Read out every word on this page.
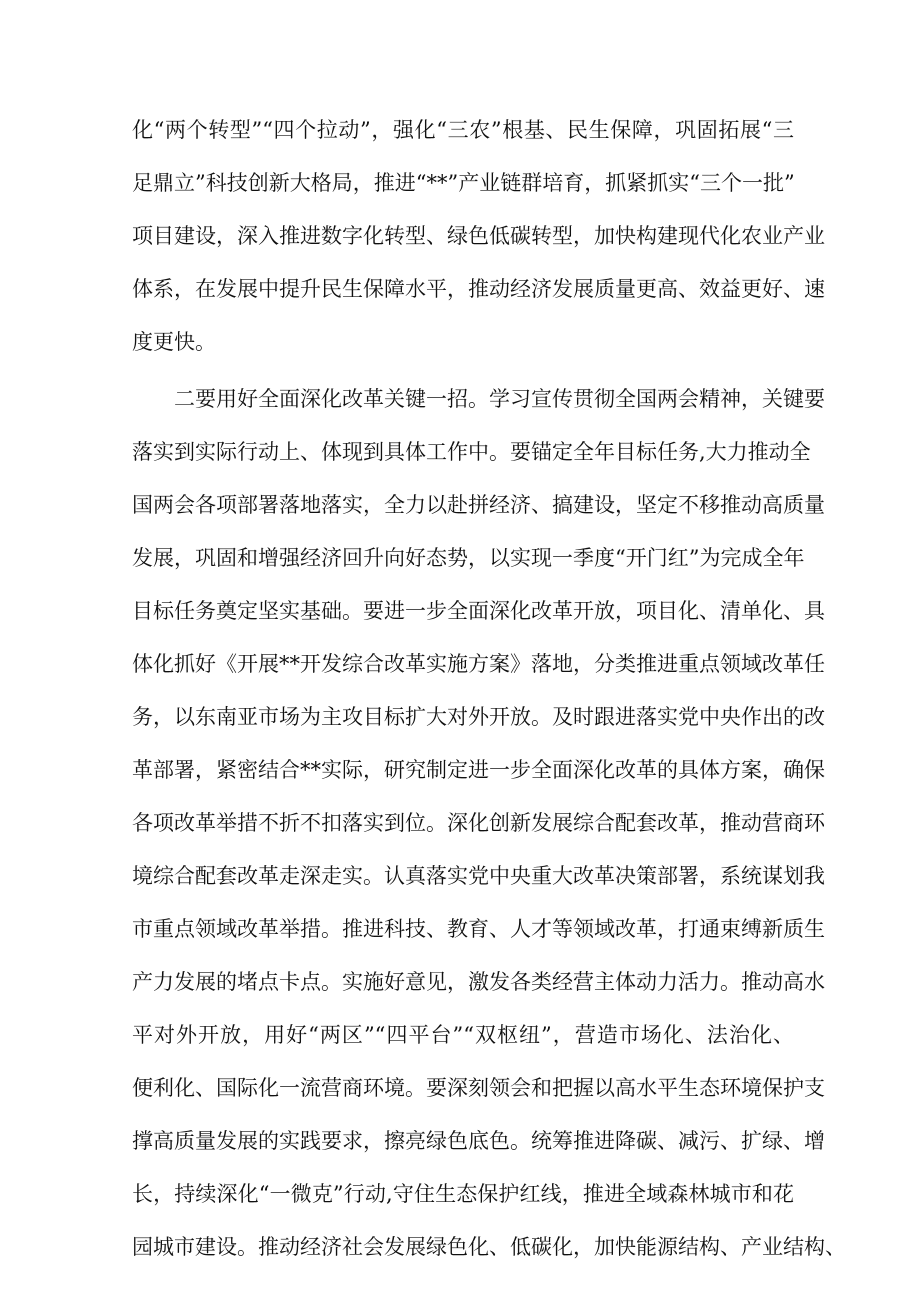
化“两个转型”“四个拉动”，强化“三农”根基、民生保障，巩固拓展“三
足鼎立”科技创新大格局，推进“**”产业链群培育，抓紧抓实“三个一批”
项目建设，深入推进数字化转型、绿色低碳转型，加快构建现代化农业产业
体系，在发展中提升民生保障水平，推动经济发展质量更高、效益更好、速
度更快。
二要用好全面深化改革关键一招。学习宣传贯彻全国两会精神，关键要
落实到实际行动上、体现到具体工作中。要锚定全年目标任务,大力推动全
国两会各项部署落地落实，全力以赴拼经济、搞建设，坚定不移推动高质量
发展，巩固和增强经济回升向好态势，以实现一季度“开门红”为完成全年
目标任务奠定坚实基础。要进一步全面深化改革开放，项目化、清单化、具
体化抓好《开展**开发综合改革实施方案》落地，分类推进重点领域改革任
务，以东南亚市场为主攻目标扩大对外开放。及时跟进落实党中央作出的改
革部署，紧密结合**实际，研究制定进一步全面深化改革的具体方案，确保
各项改革举措不折不扣落实到位。深化创新发展综合配套改革，推动营商环
境综合配套改革走深走实。认真落实党中央重大改革决策部署，系统谋划我
市重点领域改革举措。推进科技、教育、人才等领域改革，打通束缚新质生
产力发展的堵点卡点。实施好意见，激发各类经营主体动力活力。推动高水
平对外开放，用好“两区”“四平台”“双枢纽”，营造市场化、法治化、
便利化、国际化一流营商环境。要深刻领会和把握以高水平生态环境保护支
撑高质量发展的实践要求，擦亮绿色底色。统筹推进降碳、减污、扩绿、增
长，持续深化“一微克”行动,守住生态保护红线，推进全域森林城市和花
园城市建设。推动经济社会发展绿色化、低碳化，加快能源结构、产业结构、
